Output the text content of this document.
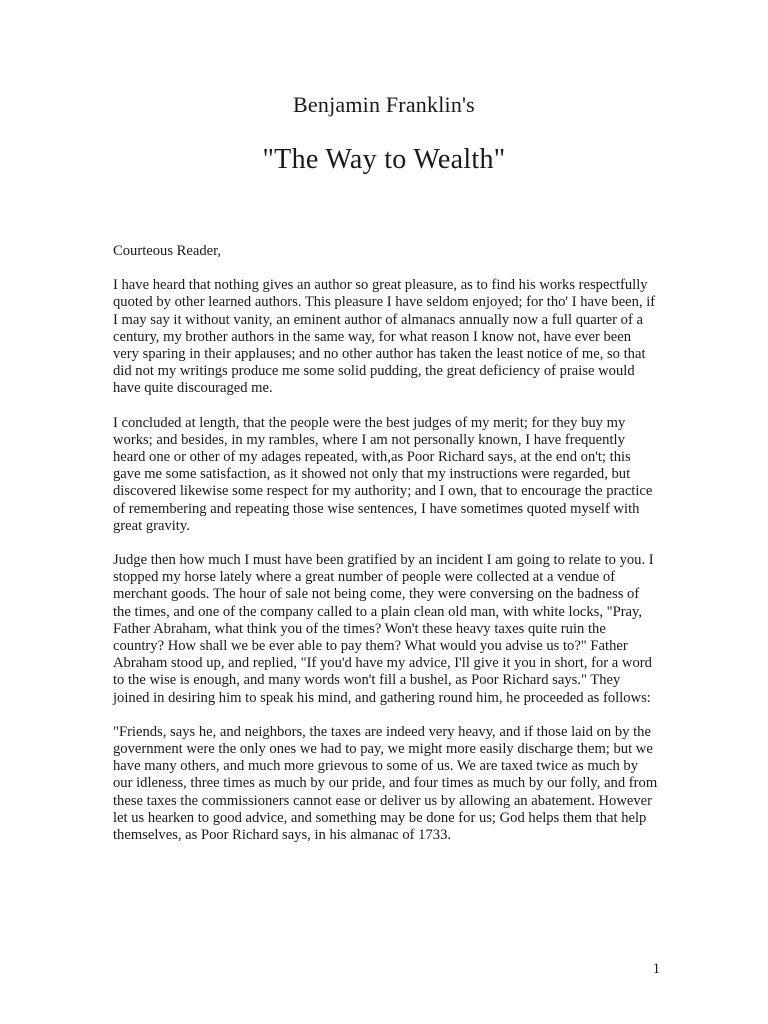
Benjamin Franklin's
"The Way to Wealth"

Courteous Reader,

I have heard that nothing gives an author so great pleasure, as to find his works respectfully quoted by other learned authors. This pleasure I have seldom enjoyed; for tho' I have been, if I may say it without vanity, an eminent author of almanacs annually now a full quarter of a century, my brother authors in the same way, for what reason I know not, have ever been very sparing in their applauses; and no other author has taken the least notice of me, so that did not my writings produce me some solid pudding, the great deficiency of praise would have quite discouraged me.

I concluded at length, that the people were the best judges of my merit; for they buy my works; and besides, in my rambles, where I am not personally known, I have frequently heard one or other of my adages repeated, with,as Poor Richard says, at the end on't; this gave me some satisfaction, as it showed not only that my instructions were regarded, but discovered likewise some respect for my authority; and I own, that to encourage the practice of remembering and repeating those wise sentences, I have sometimes quoted myself with great gravity.

Judge then how much I must have been gratified by an incident I am going to relate to you. I stopped my horse lately where a great number of people were collected at a vendue of merchant goods. The hour of sale not being come, they were conversing on the badness of the times, and one of the company called to a plain clean old man, with white locks, "Pray, Father Abraham, what think you of the times? Won't these heavy taxes quite ruin the country? How shall we be ever able to pay them? What would you advise us to?" Father Abraham stood up, and replied, "If you'd have my advice, I'll give it you in short, for a word to the wise is enough, and many words won't fill a bushel, as Poor Richard says." They joined in desiring him to speak his mind, and gathering round him, he proceeded as follows:

"Friends, says he, and neighbors, the taxes are indeed very heavy, and if those laid on by the government were the only ones we had to pay, we might more easily discharge them; but we have many others, and much more grievous to some of us. We are taxed twice as much by our idleness, three times as much by our pride, and four times as much by our folly, and from these taxes the commissioners cannot ease or deliver us by allowing an abatement. However let us hearken to good advice, and something may be done for us; God helps them that help themselves, as Poor Richard says, in his almanac of 1733.

1
